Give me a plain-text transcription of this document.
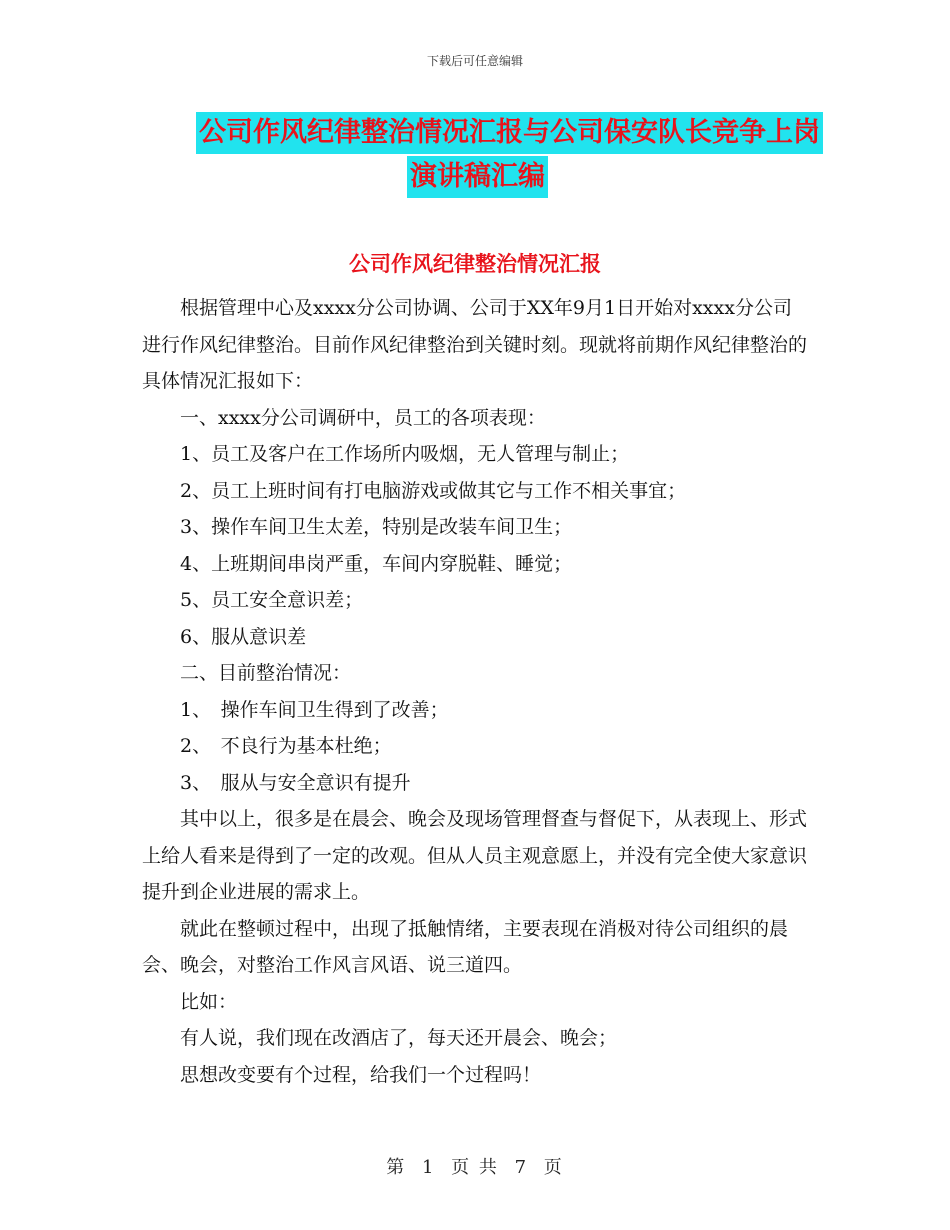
下载后可任意编辑
公司作风纪律整治情况汇报与公司保安队长竞争上岗
演讲稿汇编
公司作风纪律整治情况汇报

根据管理中心及xxxx分公司协调、公司于XX年9月1日开始对xxxx分公司进行作风纪律整治。目前作风纪律整治到关键时刻。现就将前期作风纪律整治的具体情况汇报如下：

一、xxxx分公司调研中，员工的各项表现：

1、员工及客户在工作场所内吸烟，无人管理与制止；

2、员工上班时间有打电脑游戏或做其它与工作不相关事宜；

3、操作车间卫生太差，特别是改装车间卫生；

4、上班期间串岗严重，车间内穿脱鞋、睡觉；

5、员工安全意识差；

6、服从意识差

二、目前整治情况：

1、　操作车间卫生得到了改善；

2、　不良行为基本杜绝；

3、　服从与安全意识有提升

其中以上，很多是在晨会、晚会及现场管理督查与督促下，从表现上、形式上给人看来是得到了一定的改观。但从人员主观意愿上，并没有完全使大家意识提升到企业进展的需求上。

就此在整顿过程中，出现了抵触情绪，主要表现在消极对待公司组织的晨会、晚会，对整治工作风言风语、说三道四。

比如：

有人说，我们现在改酒店了，每天还开晨会、晚会；

思想改变要有个过程，给我们一个过程吗！

第 1 页 共 7 页
